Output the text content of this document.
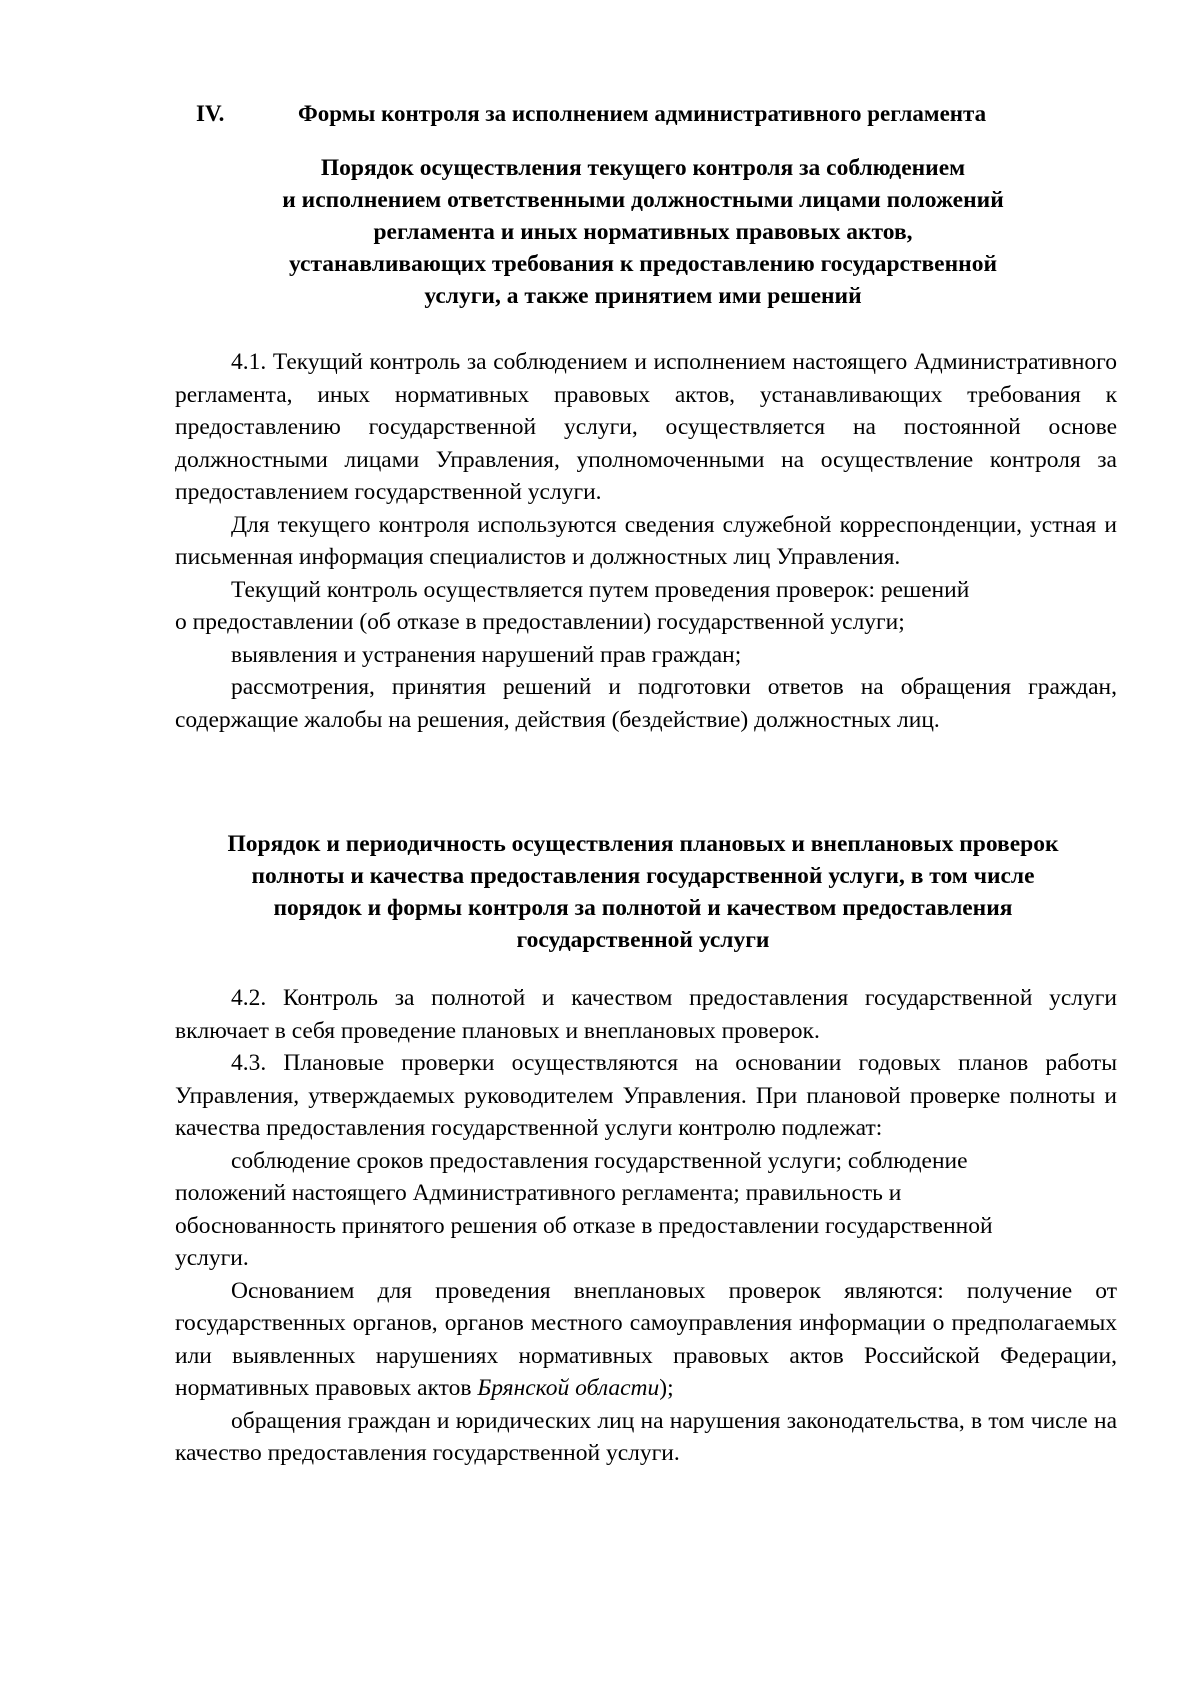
IV.	Формы контроля за исполнением административного регламента
Порядок осуществления текущего контроля за соблюдением
и исполнением ответственными должностными лицами положений
регламента и иных нормативных правовых актов,
устанавливающих требования к предоставлению государственной
услуги, а также принятием ими решений

4.1. Текущий контроль за соблюдением и исполнением настоящего Административного регламента, иных нормативных правовых актов, устанавливающих требования к предоставлению государственной услуги, осуществляется на постоянной основе должностными лицами Управления, уполномоченными на осуществление контроля за предоставлением государственной услуги.

Для текущего контроля используются сведения служебной корреспонденции, устная и письменная информация специалистов и должностных лиц Управления.

Текущий контроль осуществляется путем проведения проверок: решений

о предоставлении (об отказе в предоставлении) государственной услуги;

выявления и устранения нарушений прав граждан;

рассмотрения, принятия решений и подготовки ответов на обращения граждан, содержащие жалобы на решения, действия (бездействие) должностных лиц.

Порядок и периодичность осуществления плановых и внеплановых проверок
полноты и качества предоставления государственной услуги, в том числе
порядок и формы контроля за полнотой и качеством предоставления
государственной услуги

4.2. Контроль за полнотой и качеством предоставления государственной услуги включает в себя проведение плановых и внеплановых проверок.

4.3. Плановые проверки осуществляются на основании годовых планов работы Управления, утверждаемых руководителем Управления. При плановой проверке полноты и качества предоставления государственной услуги контролю подлежат:

соблюдение сроков предоставления государственной услуги; соблюдение
положений настоящего Административного регламента; правильность и
обоснованность принятого решения об отказе в предоставлении государственной
услуги.

Основанием для проведения внеплановых проверок являются: получение от государственных органов, органов местного самоуправления информации о предполагаемых или выявленных нарушениях нормативных правовых актов Российской Федерации, нормативных правовых актов Брянской области);

обращения граждан и юридических лиц на нарушения законодательства, в том числе на качество предоставления государственной услуги.
